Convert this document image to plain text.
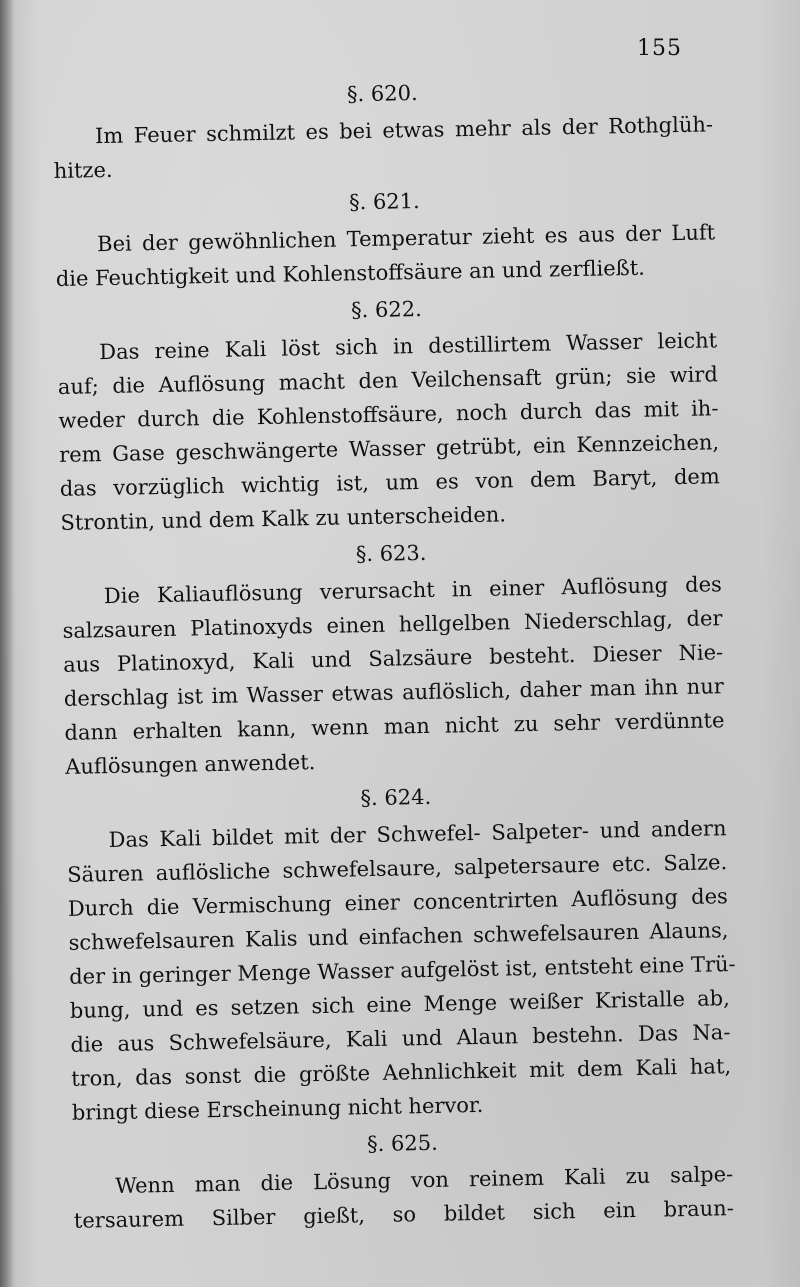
155
§. 620.
Im Feuer schmilzt es bei etwas mehr als der Rothglüh-
hitze.
§. 621.
Bei der gewöhnlichen Temperatur zieht es aus der Luft
die Feuchtigkeit und Kohlenstoffsäure an und zerfließt.
§. 622.
Das reine Kali löst sich in destillirtem Wasser leicht
auf; die Auflösung macht den Veilchensaft grün; sie wird
weder durch die Kohlenstoffsäure, noch durch das mit ih-
rem Gase geschwängerte Wasser getrübt, ein Kennzeichen,
das vorzüglich wichtig ist, um es von dem Baryt, dem
Strontin, und dem Kalk zu unterscheiden.
§. 623.
Die Kaliauflösung verursacht in einer Auflösung des
salzsauren Platinoxyds einen hellgelben Niederschlag, der
aus Platinoxyd, Kali und Salzsäure besteht. Dieser Nie-
derschlag ist im Wasser etwas auflöslich, daher man ihn nur
dann erhalten kann, wenn man nicht zu sehr verdünnte
Auflösungen anwendet.
§. 624.
Das Kali bildet mit der Schwefel- Salpeter- und andern
Säuren auflösliche schwefelsaure, salpetersaure etc. Salze.
Durch die Vermischung einer concentrirten Auflösung des
schwefelsauren Kalis und einfachen schwefelsauren Alauns,
der in geringer Menge Wasser aufgelöst ist, entsteht eine Trü-
bung, und es setzen sich eine Menge weißer Kristalle ab,
die aus Schwefelsäure, Kali und Alaun bestehn. Das Na-
tron, das sonst die größte Aehnlichkeit mit dem Kali hat,
bringt diese Erscheinung nicht hervor.
§. 625.
Wenn man die Lösung von reinem Kali zu salpe-
tersaurem Silber gießt, so bildet sich ein braun-
